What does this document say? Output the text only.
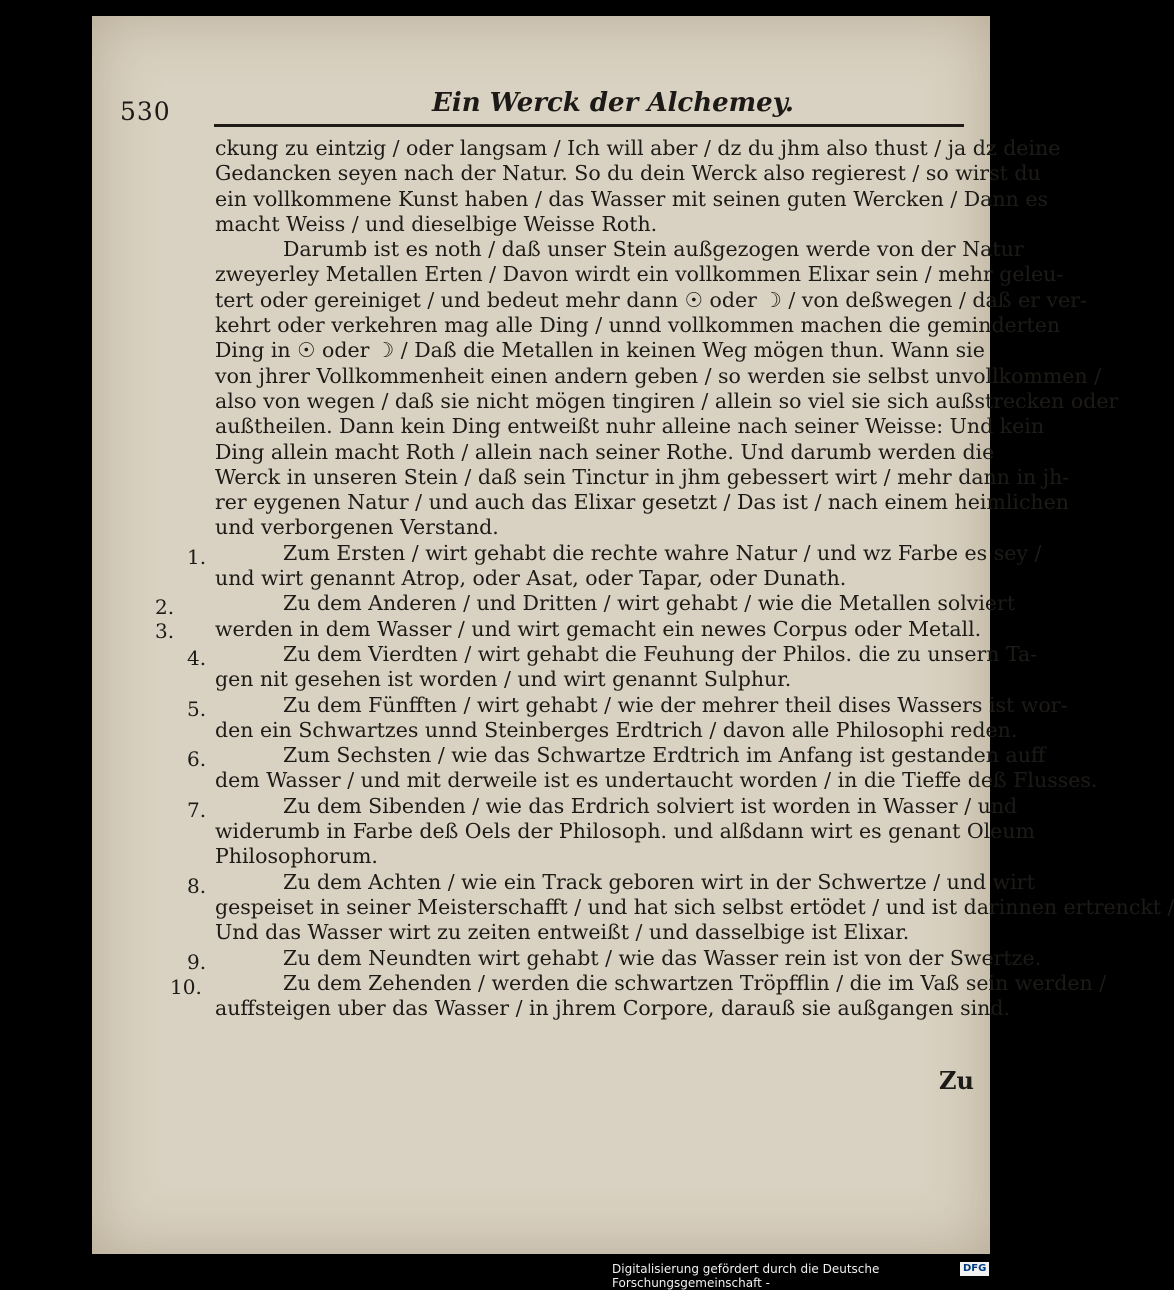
530	Ein Werck der Alchemey.
ckung zu eintzig / oder langsam / Ich will aber / dz du jhm also thust / ja dz deine
Gedancken seyen nach der Natur. So du dein Werck also regierest / so wirst du
ein vollkommene Kunst haben / das Wasser mit seinen guten Wercken / Dann es
macht Weiss / und dieselbige Weisse Roth.
Darumb ist es noth / daß unser Stein außgezogen werde von der Natur
zweyerley Metallen Erten / Davon wirdt ein vollkommen Elixar sein / mehr geleu-
tert oder gereiniget / und bedeut mehr dann ☉ oder ☽ / von deßwegen / daß er ver-
kehrt oder verkehren mag alle Ding / unnd vollkommen machen die geminderten
Ding in ☉ oder ☽ / Daß die Metallen in keinen Weg mögen thun. Wann sie
von jhrer Vollkommenheit einen andern geben / so werden sie selbst unvollkommen /
also von wegen / daß sie nicht mögen tingiren / allein so viel sie sich außstrecken oder
außtheilen. Dann kein Ding entweißt nuhr alleine nach seiner Weisse: Und kein
Ding allein macht Roth / allein nach seiner Rothe. Und darumb werden die
Werck in unseren Stein / daß sein Tinctur in jhm gebessert wirt / mehr dann in jh-
rer eygenen Natur / und auch das Elixar gesetzt / Das ist / nach einem heimlichen
und verborgenen Verstand.
Zum Ersten / wirt gehabt die rechte wahre Natur / und wz Farbe es sey /
und wirt genannt Atrop, oder Asat, oder Tapar, oder Dunath.
Zu dem Anderen / und Dritten / wirt gehabt / wie die Metallen solviert
werden in dem Wasser / und wirt gemacht ein newes Corpus oder Metall.
Zu dem Vierdten / wirt gehabt die Feuhung der Philos. die zu unsern Ta-
gen nit gesehen ist worden / und wirt genannt Sulphur.
Zu dem Fünfften / wirt gehabt / wie der mehrer theil dises Wassers ist wor-
den ein Schwartzes unnd Steinberges Erdtrich / davon alle Philosophi reden.
Zum Sechsten / wie das Schwartze Erdtrich im Anfang ist gestanden auff
dem Wasser / und mit derweile ist es undertaucht worden / in die Tieffe deß Flusses.
Zu dem Sibenden / wie das Erdrich solviert ist worden in Wasser / und
widerumb in Farbe deß Oels der Philosoph. und alßdann wirt es genant Oleum
Philosophorum.
Zu dem Achten / wie ein Track geboren wirt in der Schwertze / und wirt
gespeiset in seiner Meisterschafft / und hat sich selbst ertödet / und ist darinnen ertrenckt /
Und das Wasser wirt zu zeiten entweißt / und dasselbige ist Elixar.
Zu dem Neundten wirt gehabt / wie das Wasser rein ist von der Swertze.
Zu dem Zehenden / werden die schwartzen Tröpfflin / die im Vaß sein werden /
auffsteigen uber das Wasser / in jhrem Corpore, darauß sie außgangen sind.
1.
2. 3.
4.
5.
6.
7.
8.
9.
10.
Zu
Digitalisierung gefördert durch die Deutsche Forschungsgemeinschaft -
DFG
